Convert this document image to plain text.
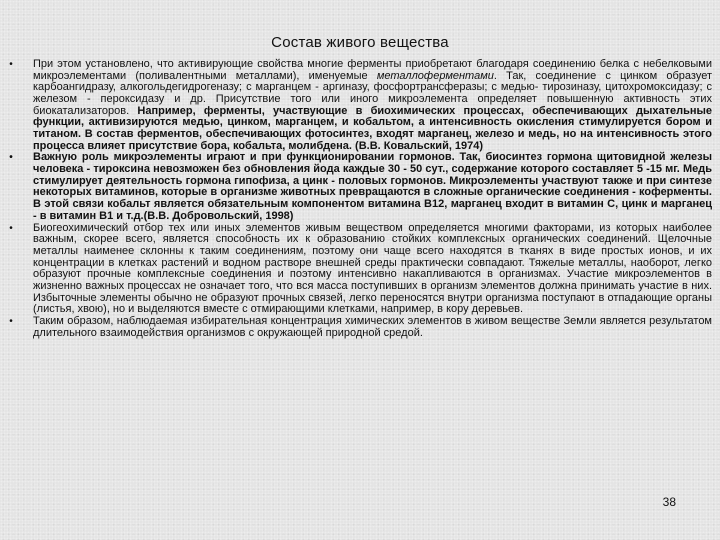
Состав живого вещества
• При этом установлено, что активирующие свойства многие ферменты приобретают благодаря соединению белка с небелковыми микроэлементами (поливалентными металлами), именуемые металлоферментами. Так, соединение с цинком образует карбоангидразу, алкогольдегидрогеназу; с марганцем - аргиназу, фосфортрансферазы; с медью- тирозиназу, цитохромоксидазу; с железом - пероксидазу и др. Присутствие того или иного микроэлемента определяет повышенную активность этих биокатализаторов. Например, ферменты, участвующие в биохимических процессах, обеспечивающих дыхательные функции, активизируются медью, цинком, марганцем, и кобальтом, а интенсивность окисления стимулируется бором и титаном. В состав ферментов, обеспечивающих фотосинтез, входят марганец, железо и медь, но на интенсивность этого процесса влияет присутствие бора, кобальта, молибдена. (В.В. Ковальский, 1974)
• Важную роль микроэлементы играют и при функционировании гормонов. Так, биосинтез гормона щитовидной железы человека - тироксина невозможен без обновления йода каждые 30 - 50 сут., содержание которого составляет 5 -15 мг. Медь стимулирует деятельность гормона гипофиза, а цинк - половых гормонов. Микроэлементы участвуют также и при синтезе некоторых витаминов, которые в организме животных превращаются в сложные органические соединения - коферменты. В этой связи кобальт является обязательным компонентом витамина В12, марганец входит в витамин С, цинк и марганец - в витамин В1 и т.д.(В.В. Добровольский, 1998)
• Биогеохимический отбор тех или иных элементов живым веществом определяется многими факторами, из которых наиболее важным, скорее всего, является способность их к образованию стойких комплексных органических соединений. Щелочные металлы наименее склонны к таким соединениям, поэтому они чаще всего находятся в тканях в виде простых ионов, и их концентрации в клетках растений и водном растворе внешней среды практически совпадают. Тяжелые металлы, наоборот, легко образуют прочные комплексные соединения и поэтому интенсивно накапливаются в организмах. Участие микроэлементов в жизненно важных процессах не означает того, что вся масса поступивших в организм элементов должна принимать участие в них. Избыточные элементы обычно не образуют прочных связей, легко переносятся внутри организма поступают в отпадающие органы (листья, хвою), но и выделяются вместе с отмирающими клетками, например, в кору деревьев.
• Таким образом, наблюдаемая избирательная концентрация химических элементов в живом веществе Земли является результатом длительного взаимодействия организмов с окружающей природной средой.
38
